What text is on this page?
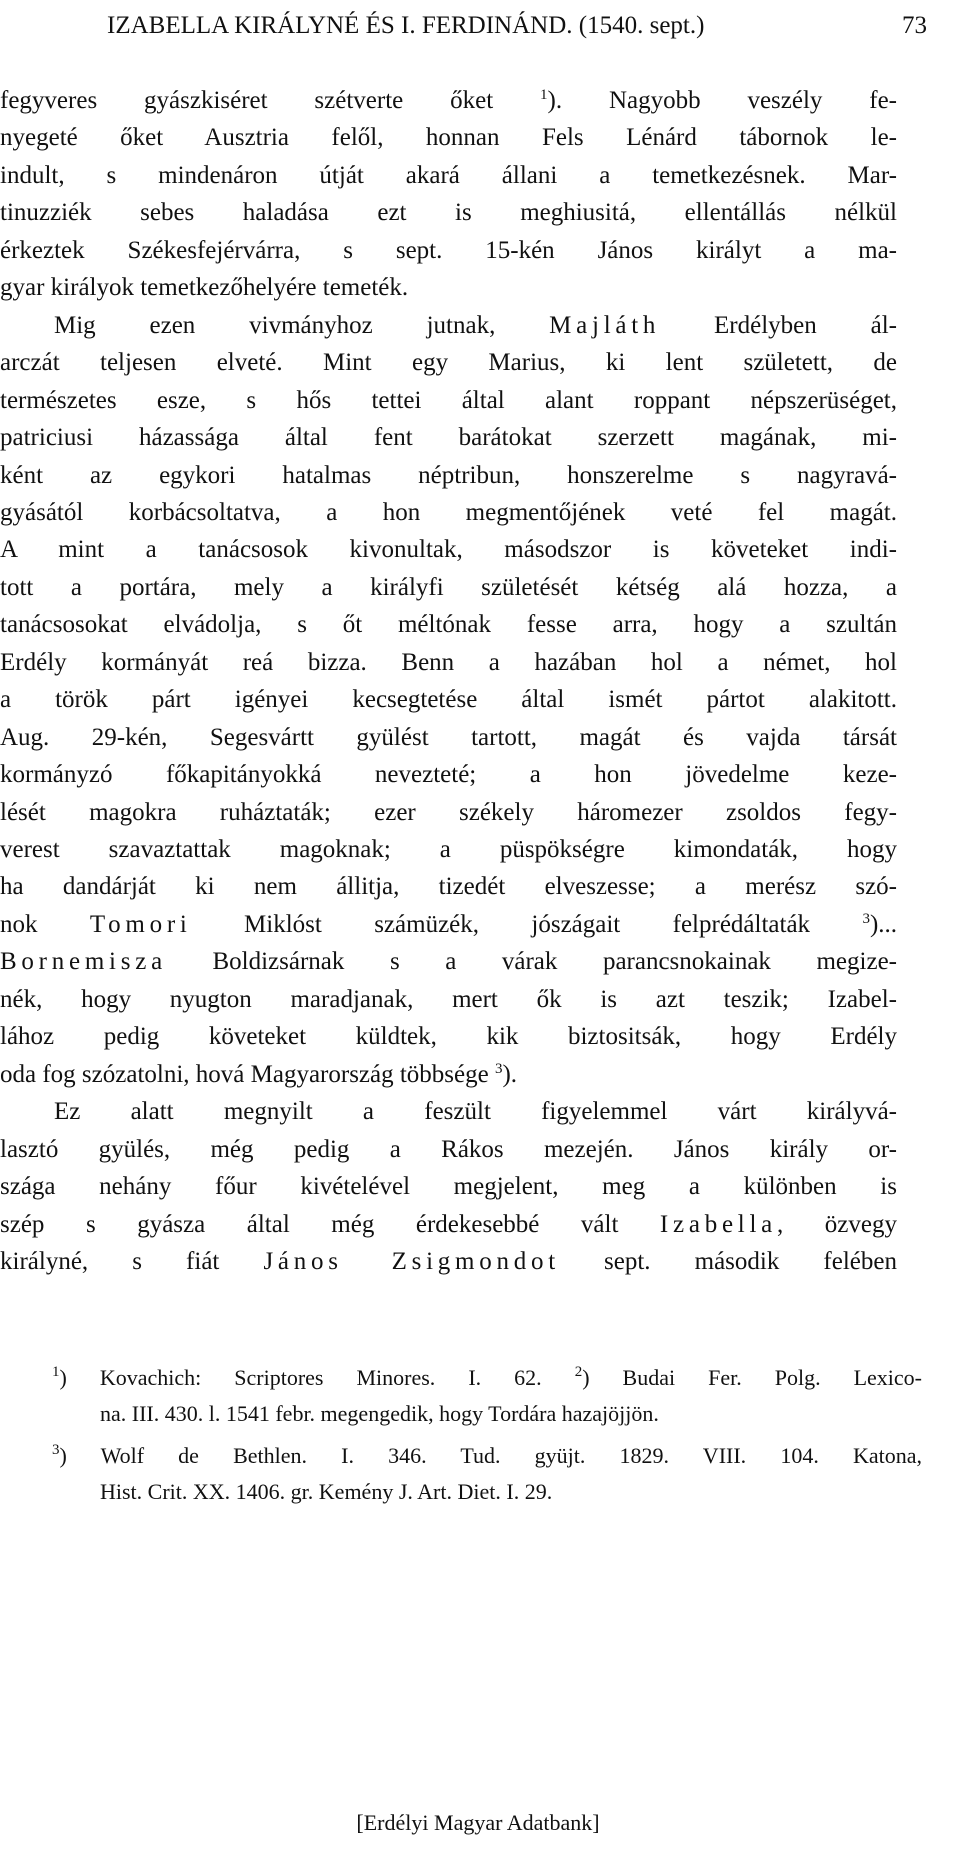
IZABELLA KIRÁLYNÉ ÉS I. FERDINÁND. (1540. sept.)	73
fegyveres gyászkiséret szétverte őket $^1$). Nagyobb veszély fe-
nyegeté őket Ausztria felől, honnan Fels Lénárd tábornok le-
indult, s mindenáron útját akará állani a temetkezésnek. Mar-
tinuzziék sebes haladása ezt is meghiusitá, ellentállás nélkül
érkeztek Székesfejérvárra, s sept. 15-kén János királyt a ma-
gyar királyok temetkezőhelyére temeték.
Mig ezen vivmányhoz jutnak, Majláth Erdélyben ál-
arczát teljesen elveté. Mint egy Marius, ki lent született, de
természetes esze, s hős tettei által alant roppant népszerüséget,
patriciusi házassága által fent barátokat szerzett magának, mi-
ként az egykori hatalmas néptribun, honszerelme s nagyravá-
gyásától korbácsoltatva, a hon megmentőjének veté fel magát.
A mint a tanácsosok kivonultak, másodszor is követeket indi-
tott a portára, mely a királyfi születését kétség alá hozza, a
tanácsosokat elvádolja, s őt méltónak fesse arra, hogy a szultán
Erdély kormányát reá bizza. Benn a hazában hol a német, hol
a török párt igényei kecsegtetése által ismét pártot alakitott.
Aug. 29-kén, Segesvártt gyülést tartott, magát és vajda társát
kormányzó főkapitányokká nevezteté; a hon jövedelme keze-
lését magokra ruháztaták; ezer székely háromezer zsoldos fegy-
verest szavaztattak magoknak; a püspökségre kimondaták, hogy
ha dandárját ki nem állitja, tizedét elveszesse; a merész szó-
nok Tomori Miklóst számüzék, jószágait felprédáltaták $^3$)...
Bornemisza Boldizsárnak s a várak parancsnokainak megize-
nék, hogy nyugton maradjanak, mert ők is azt teszik; Izabel-
lához pedig követeket küldtek, kik biztositsák, hogy Erdély
oda fog szózatolni, hová Magyarország többsége $^3$).
Ez alatt megnyilt a feszült figyelemmel várt királyvá-
lasztó gyülés, még pedig a Rákos mezején. János király or-
szága nehány főur kivételével megjelent, meg a különben is
szép s gyásza által még érdekesebbé vált Izabella, özvegy
királyné, s fiát János Zsigmondot sept. második felében
$^1$) Kovachich: Scriptores Minores. I. 62. $^2$) Budai Fer. Polg. Lexico-
na. III. 430. l. 1541 febr. megengedik, hogy Tordára hazajöjjön.
$^3$) Wolf de Bethlen. I. 346. Tud. gyüjt. 1829. VIII. 104. Katona,
Hist. Crit. XX. 1406. gr. Kemény J. Art. Diet. I. 29.
[Erdélyi Magyar Adatbank]
